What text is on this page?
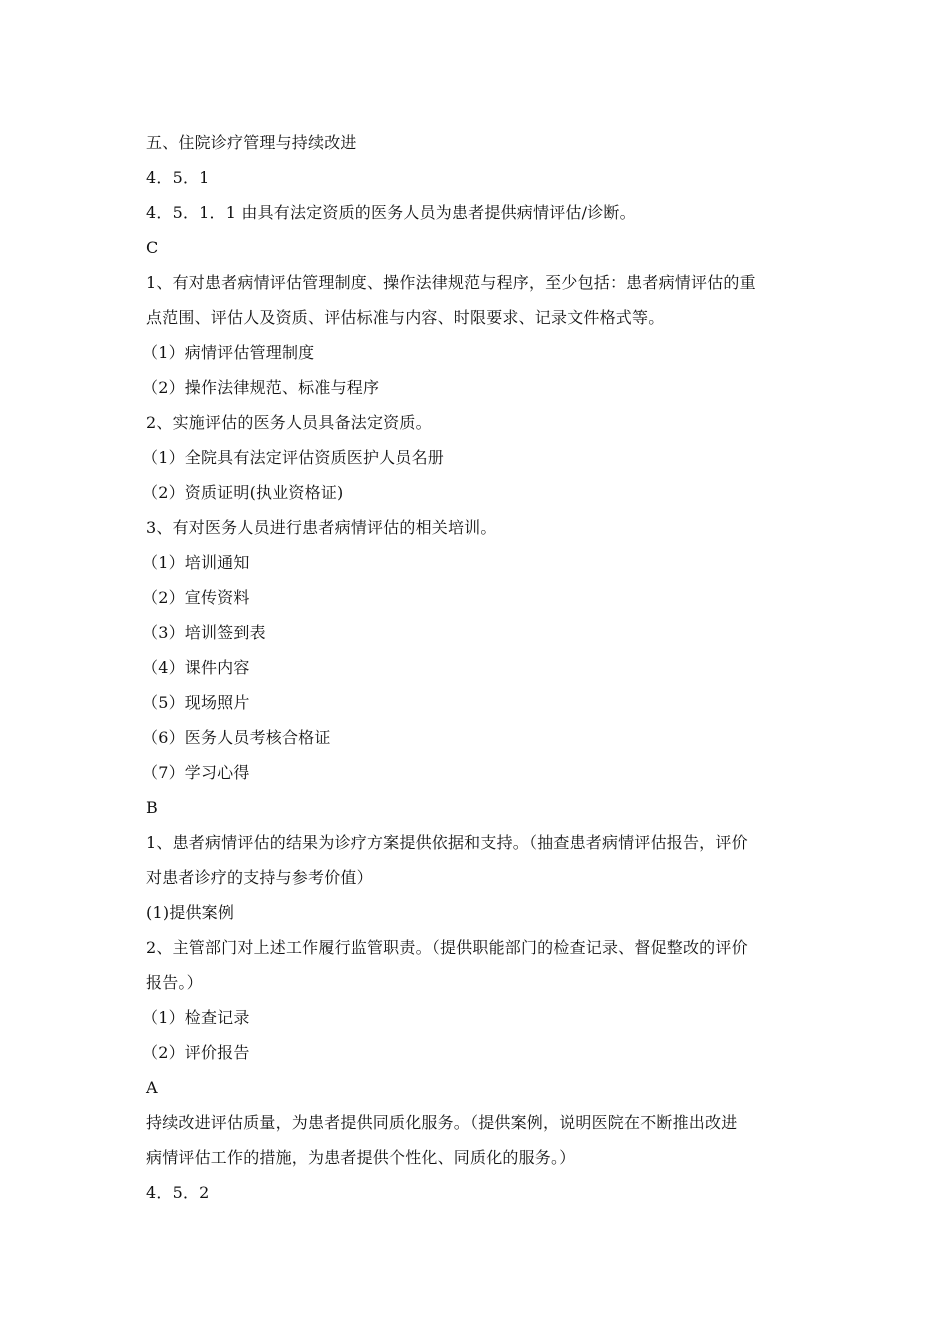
五、住院诊疗管理与持续改进
4．5．1
4．5．1．1 由具有法定资质的医务人员为患者提供病情评估/诊断。
C
1、有对患者病情评估管理制度、操作法律规范与程序，至少包括：患者病情评估的重
点范围、评估人及资质、评估标准与内容、时限要求、记录文件格式等。
（1）病情评估管理制度
（2）操作法律规范、标准与程序
2、实施评估的医务人员具备法定资质。
（1）全院具有法定评估资质医护人员名册
（2）资质证明(执业资格证)
3、有对医务人员进行患者病情评估的相关培训。
（1）培训通知
（2）宣传资料
（3）培训签到表
（4）课件内容
（5）现场照片
（6）医务人员考核合格证
（7）学习心得
B
1、患者病情评估的结果为诊疗方案提供依据和支持。（抽查患者病情评估报告，评价
对患者诊疗的支持与参考价值）
(1)提供案例
2、主管部门对上述工作履行监管职责。（提供职能部门的检查记录、督促整改的评价
报告。）
（1）检查记录
（2）评价报告
A
持续改进评估质量，为患者提供同质化服务。（提供案例，说明医院在不断推出改进
病情评估工作的措施，为患者提供个性化、同质化的服务。）
4．5．2
